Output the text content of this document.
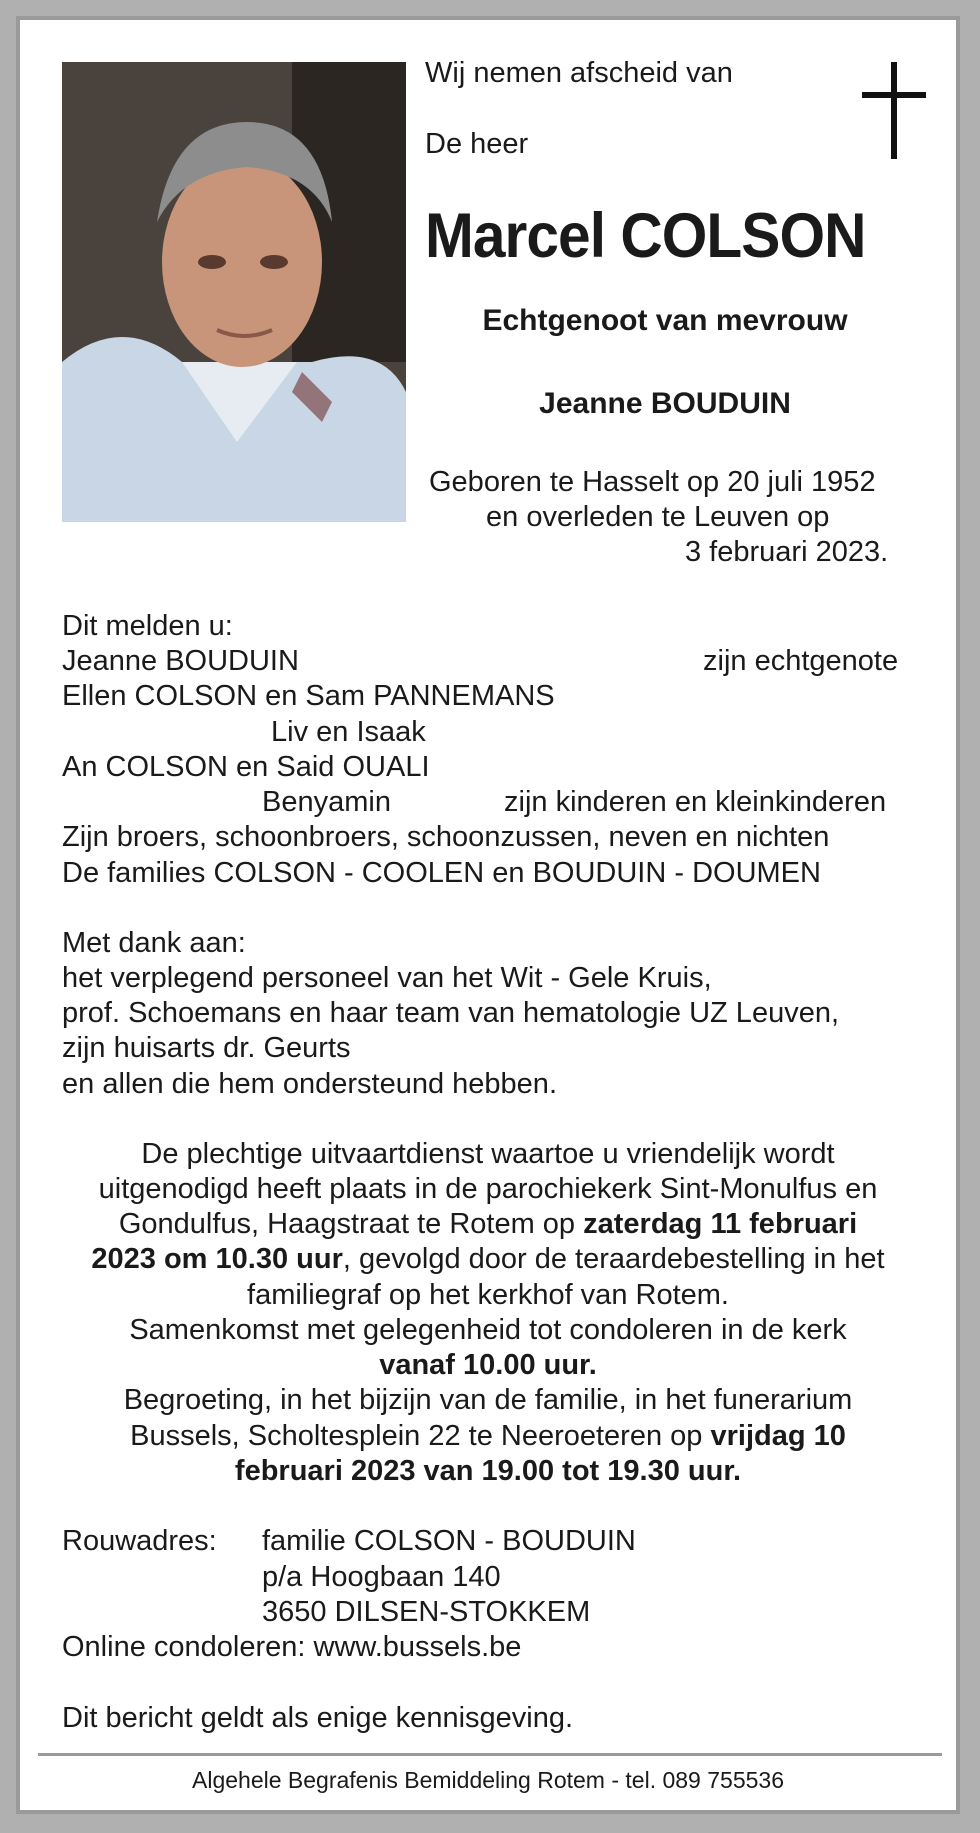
Wij nemen afscheid van
De heer
Marcel COLSON
Echtgenoot van mevrouw
Jeanne BOUDUIN
Geboren te Hasselt op 20 juli 1952
en overleden te Leuven op
3 februari 2023.
Dit melden u:
Jeanne BOUDUIN	zijn echtgenote
Ellen COLSON en Sam PANNEMANS
Liv en Isaak
An COLSON en Said OUALI
Benyamin	zijn kinderen en kleinkinderen
Zijn broers, schoonbroers, schoonzussen, neven en nichten
De families COLSON - COOLEN en BOUDUIN - DOUMEN
Met dank aan:
het verplegend personeel van het Wit - Gele Kruis,
prof. Schoemans en haar team van hematologie UZ Leuven,
zijn huisarts dr. Geurts
en allen die hem ondersteund hebben.
De plechtige uitvaartdienst waartoe u vriendelijk wordt
uitgenodigd heeft plaats in de parochiekerk Sint-Monulfus en
Gondulfus, Haagstraat te Rotem op zaterdag 11 februari
2023 om 10.30 uur, gevolgd door de teraardebestelling in het
familiegraf op het kerkhof van Rotem.
Samenkomst met gelegenheid tot condoleren in de kerk
vanaf 10.00 uur.
Begroeting, in het bijzijn van de familie, in het funerarium
Bussels, Scholtesplein 22 te Neeroeteren op vrijdag 10
februari 2023 van 19.00 tot 19.30 uur.
Rouwadres: familie COLSON - BOUDUIN
p/a Hoogbaan 140
3650 DILSEN-STOKKEM
Online condoleren: www.bussels.be
Dit bericht geldt als enige kennisgeving.
Algehele Begrafenis Bemiddeling Rotem - tel. 089 755536
